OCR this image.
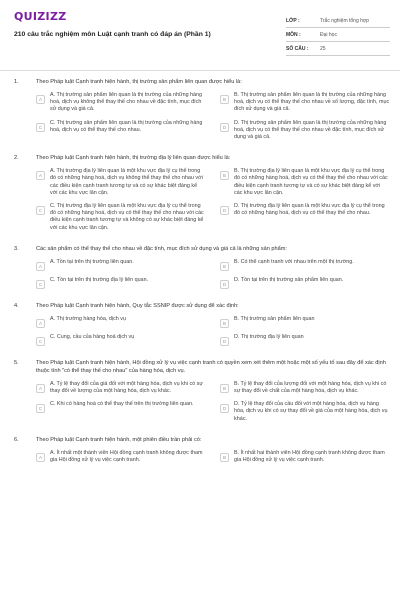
QUIZIZZ
210 câu trắc nghiệm môn Luật cạnh tranh có đáp án (Phần 1)
LỚP :	Trắc nghiệm tổng hợp
MÔN :	Đại học
SỐ CÂU :	25
1.	Theo Pháp luật Cạnh tranh hiện hành, thị trường sản phẩm liên quan được hiểu là:
A
A. Thị trường sản phẩm liên quan là thị trường của những hàng hoá, dịch vụ không thể thay thế cho nhau về đặc tính, mục đích sử dụng và giá cả.
B
B. Thị trường sản phẩm liên quan là thị trường của những hàng hoá, dịch vụ có thể thay thế cho nhau về số lượng, đặc tính, mục đích sử dụng và giá cả.
C
C. Thị trường sản phẩm liên quan là thị trường của những hàng hoá, dịch vụ có thể thay thế cho nhau.	D
D. Thị trường sản phẩm liên quan là thị trường của những hàng hoá, dịch vụ có thể thay thế cho nhau về đặc tính, mục đích sử dụng và giá cả.
2.	Theo Pháp luật Cạnh tranh hiện hành, thị trường địa lý liên quan được hiểu là:
A
A. Thị trường địa lý liên quan là một khu vực địa lý cụ thể trong đó có những hàng hoá, dịch vụ không thể thay thế cho nhau với các điều kiện cạnh tranh tương tự và có sự khác biệt đáng kể với các khu vực lân cận.
B
B. Thị trường địa lý liên quan là một khu vực địa lý cụ thể trong đó có những hàng hoá, dịch vụ có thể thay thế cho nhau với các điều kiện cạnh tranh tương tự và có sự khác biệt đáng kể với các khu vực lân cận.
C
C. Thị trường địa lý liên quan là một khu vực địa lý cụ thể trong đó có những hàng hoá, dịch vụ có thể thay thế cho nhau với các điều kiện cạnh tranh tương tự và không có sự khác biệt đáng kể với các khu vực lân cận.
D
D. Thị trường địa lý liên quan là một khu vực địa lý cụ thể trong đó có những hàng hoá, dịch vụ có thể thay thế cho nhau.
3.	Các sản phẩm có thể thay thế cho nhau về đặc tính, mục đích sử dụng và giá cả là những sản phẩm:
A
A. Tồn tại trên thị trường liên quan.
B
B. Có thể cạnh tranh với nhau trên một thị trường.
C
C. Tồn tại trên thị trường địa lý liên quan.
D
D. Tồn tại trên thị trường sản phẩm liên quan.
4.	Theo Pháp luật Cạnh tranh hiện hành, Quy tắc SSNIP được sử dụng để xác định:
A
A. Thị trường hàng hóa, dịch vụ
B
B. Thị trường sản phẩm liên quan
C
C. Cung, cầu của hàng hoá dịch vụ
D
D. Thị trường địa lý liên quan
5.	Theo Pháp luật Cạnh tranh hiện hành, Hội đồng xử lý vụ việc cạnh tranh có quyền xem xét thêm một hoặc một số yếu tố sau đây để xác định thuộc tính "có thể thay thế cho nhau" của hàng hóa, dịch vụ.
A
A. Tỷ lệ thay đổi của giá đối với một hàng hóa, dịch vụ khi có sự thay đổi về lượng của một hàng hóa, dịch vụ khác.	B
B. Tỷ lệ thay đổi của lượng đối với một hàng hóa, dịch vụ khi có sự thay đổi về chất của một hàng hóa, dịch vụ khác.
C
C. Khi có hàng hoá có thể thay thế trên thị trường liên quan.
D
D. Tỷ lệ thay đổi của cầu đối với một hàng hóa, dịch vụ hàng hóa, dịch vụ khi có sự thay đổi về giá của một hàng hóa, dịch vụ khác.
6.	Theo Pháp luật Cạnh tranh hiện hành, một phiên điều trần phải có:
A
A. Ít nhất một thành viên Hội đồng cạnh tranh không được tham gia Hội đồng xử lý vụ việc cạnh tranh.	B
B. Ít nhất hai thành viên Hội đồng cạnh tranh không được tham gia Hội đồng xử lý vụ việc cạnh tranh.
